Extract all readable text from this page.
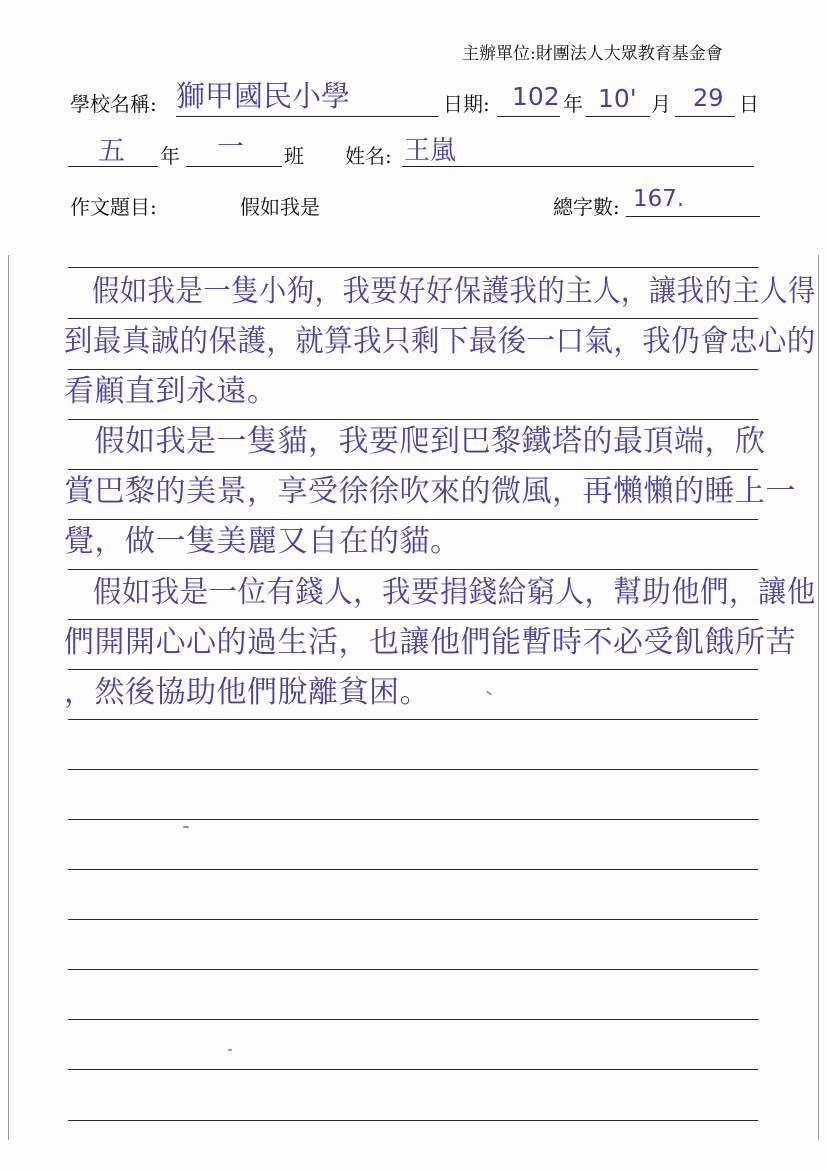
主辦單位:財團法人大眾教育基金會
學校名稱: 獅甲國民小學	日期: 102 年 10' 月 29 日
五 年 一 班 姓名: 王嵐
作文題目:	假如我是	總字數: 167.
　假如我是一隻小狗，我要好好保護我的主人，讓我的主人得
到最真誠的保護，就算我只剩下最後一口氣，我仍會忠心的
看顧直到永遠。
　假如我是一隻貓，我要爬到巴黎鐵塔的最頂端，欣
賞巴黎的美景，享受徐徐吹來的微風，再懶懶的睡上一
覺，做一隻美麗又自在的貓。
　假如我是一位有錢人，我要捐錢給窮人，幫助他們，讓他
們開開心心的過生活，也讓他們能暫時不必受飢餓所苦
，然後協助他們脫離貧困。
